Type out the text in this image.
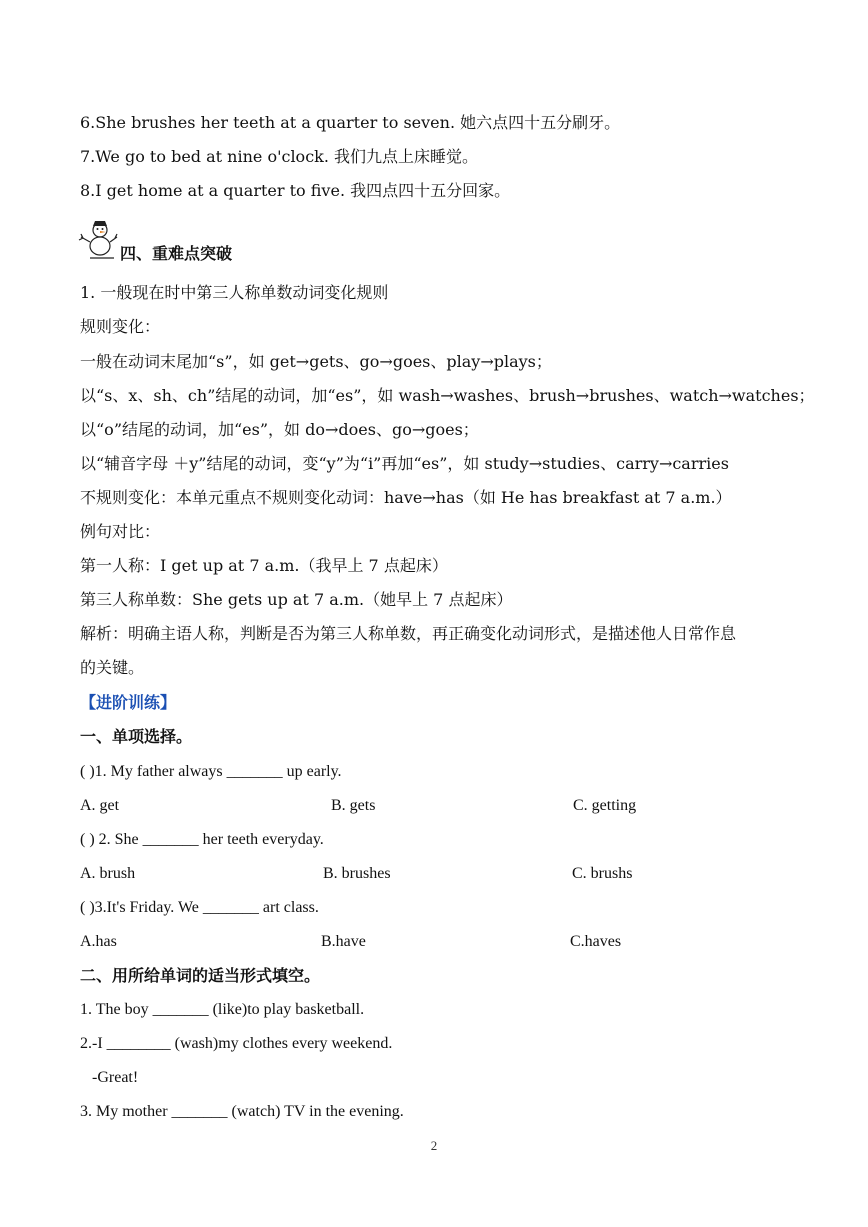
6.She brushes her teeth at a quarter to seven. 她六点四十五分刷牙。
7.We go to bed at nine o'clock. 我们九点上床睡觉。
8.I get home at a quarter to five. 我四点四十五分回家。
四、重难点突破
1. 一般现在时中第三人称单数动词变化规则
规则变化：
一般在动词末尾加“s”，如 get→gets、go→goes、play→plays；
以“s、x、sh、ch”结尾的动词，加“es”，如 wash→washes、brush→brushes、watch→watches；
以“o”结尾的动词，加“es”，如 do→does、go→goes；
以“辅音字母 ＋y”结尾的动词，变“y”为“i”再加“es”，如 study→studies、carry→carries
不规则变化：本单元重点不规则变化动词：have→has（如 He has breakfast at 7 a.m.）
例句对比：
第一人称：I get up at 7 a.m.（我早上 7 点起床）
第三人称单数：She gets up at 7 a.m.（她早上 7 点起床）
解析：明确主语人称，判断是否为第三人称单数，再正确变化动词形式，是描述他人日常作息
的关键。
【进阶训练】
一、单项选择。
( )1. My father always _______ up early.
A. get	B. gets	C. getting
( ) 2. She _______ her teeth everyday.
A. brush	B. brushes	C. brushs
( )3.It's Friday. We _______ art class.
A.has	B.have	C.haves
二、用所给单词的适当形式填空。
1. The boy _______ (like)to play basketball.
2.-I ________ (wash)my clothes every weekend.
-Great!
3. My mother _______ (watch) TV in the evening.
2
